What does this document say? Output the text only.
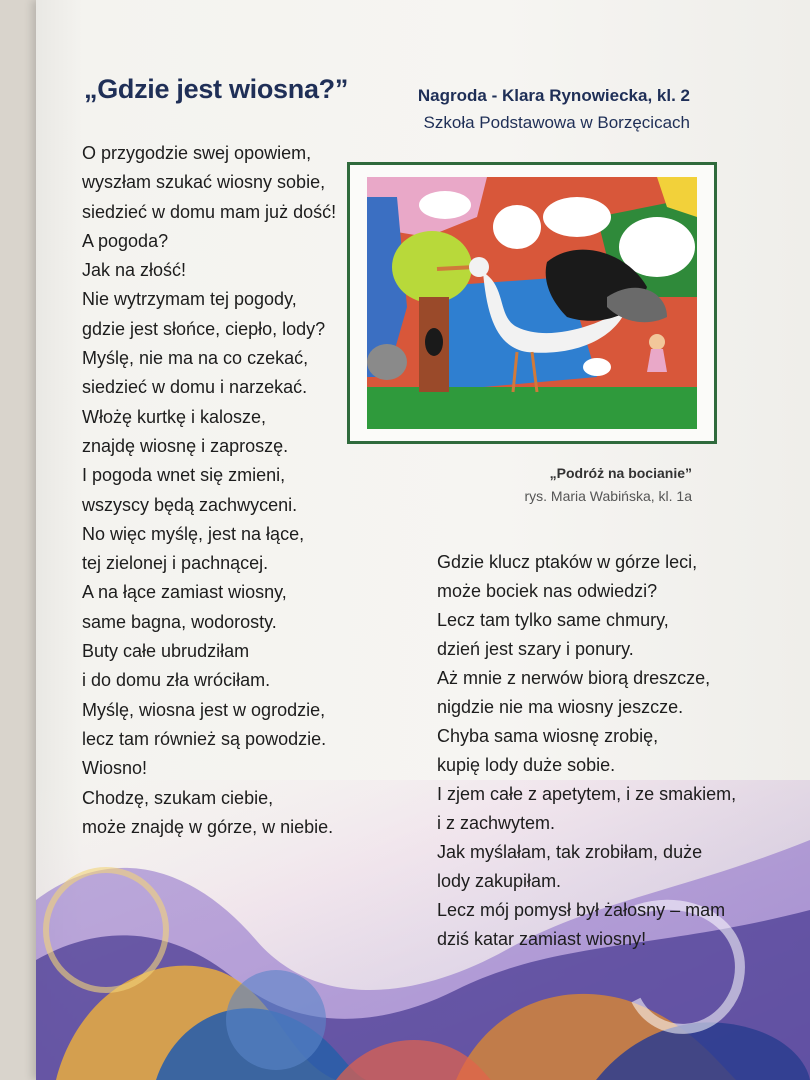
„Gdzie jest wiosna?”	Nagroda - Klara Rynowiecka, kl. 2
Szkoła Podstawowa w Borzęcicach
O przygodzie swej opowiem,
wyszłam szukać wiosny sobie,
siedzieć w domu mam już dość!
A pogoda?
Jak na złość!
Nie wytrzymam tej pogody,
gdzie jest słońce, ciepło, lody?
Myślę, nie ma na co czekać,
siedzieć w domu i narzekać.
Włożę kurtkę i kalosze,
znajdę wiosnę i zaproszę.
I pogoda wnet się zmieni,
wszyscy będą zachwyceni.
No więc myślę, jest na łące,
tej zielonej i pachnącej.
A na łące zamiast wiosny,
same bagna, wodorosty.
Buty całe ubrudziłam
i do domu zła wróciłam.
Myślę, wiosna jest w ogrodzie,
lecz tam również są powodzie.
Wiosno!
Chodzę, szukam ciebie,
może znajdę w górze, w niebie.
„Podróż na bocianie”
rys. Maria Wabińska, kl. 1a
Gdzie klucz ptaków w górze leci,
może bociek nas odwiedzi?
Lecz tam tylko same chmury,
dzień jest szary i ponury.
Aż mnie z nerwów biorą dreszcze,
nigdzie nie ma wiosny jeszcze.
Chyba sama wiosnę zrobię,
kupię lody duże sobie.
I zjem całe z apetytem, i ze smakiem,
i z zachwytem.
Jak myślałam, tak zrobiłam, duże
lody zakupiłam.
Lecz mój pomysł był żałosny – mam
dziś katar zamiast wiosny!
